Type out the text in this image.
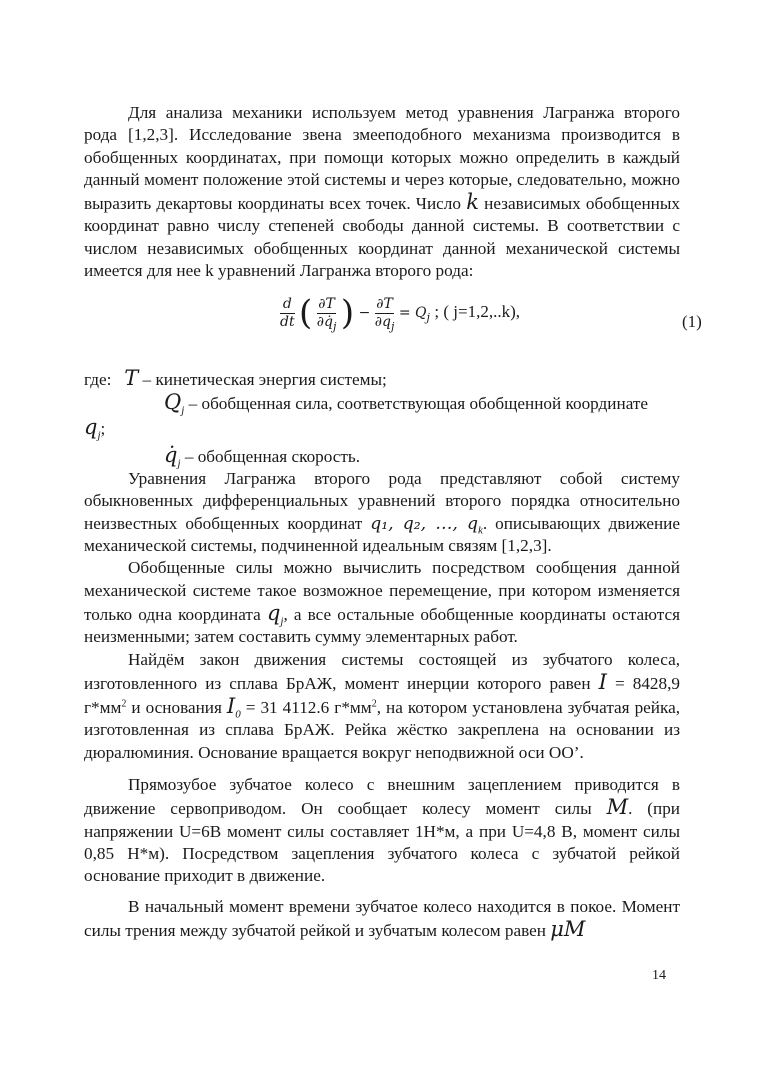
Для анализа механики используем метод уравнения Лагранжа второго рода [1,2,3]. Исследование звена змееподобного механизма производится в обобщенных координатах, при помощи которых можно определить в каждый данный момент положение этой системы и через которые, следовательно, можно выразить декартовы координаты всех точек. Число k независимых обобщенных координат равно числу степеней свободы данной системы. В соответствии с числом независимых обобщенных координат данной механической системы имеется для нее k уравнений Лагранжа второго рода:

$\frac{d}{dt}$ ( $\frac{\partial T}{\partial q̇_j}$ ) − $\frac{\partial T}{\partial q_j} = Q_j$ ; ( j=1,2,..k),
(1)

где: T – кинетическая энергия системы;

$Q_j$ – обобщенная сила, соответствующая обобщенной координате

$q_j$;

$q̇_j$ – обобщенная скорость.

Уравнения Лагранжа второго рода представляют собой систему обыкновенных дифференциальных уравнений второго порядка относительно неизвестных обобщенных координат q₁, q₂, …, $q_k$. описывающих движение механической системы, подчиненной идеальным связям [1,2,3].

Обобщенные силы можно вычислить посредством сообщения данной механической системе такое возможное перемещение, при котором изменяется только одна координата $q_j$, а все остальные обобщенные координаты остаются неизменными; затем составить сумму элементарных работ.

Найдём закон движения системы состоящей из зубчатого колеса, изготовленного из сплава БрАЖ, момент инерции которого равен I = 8428,9 $г*мм^2$ и основания $I_0 = 31$ 4112.6 $г*мм^2$, на котором установлена зубчатая рейка, изготовленная из сплава БрАЖ. Рейка жёстко закреплена на основании из дюралюминия. Основание вращается вокруг неподвижной оси ОО’.

Прямозубое зубчатое колесо с внешним зацеплением приводится в движение сервоприводом. Он сообщает колесу момент силы M. (при напряжении U=6В момент силы составляет 1Н*м, а при U=4,8 В, момент силы 0,85 Н*м). Посредством зацепления зубчатого колеса с зубчатой рейкой основание приходит в движение.

В начальный момент времени зубчатое колесо находится в покое. Момент силы трения между зубчатой рейкой и зубчатым колесом равен μM

14
